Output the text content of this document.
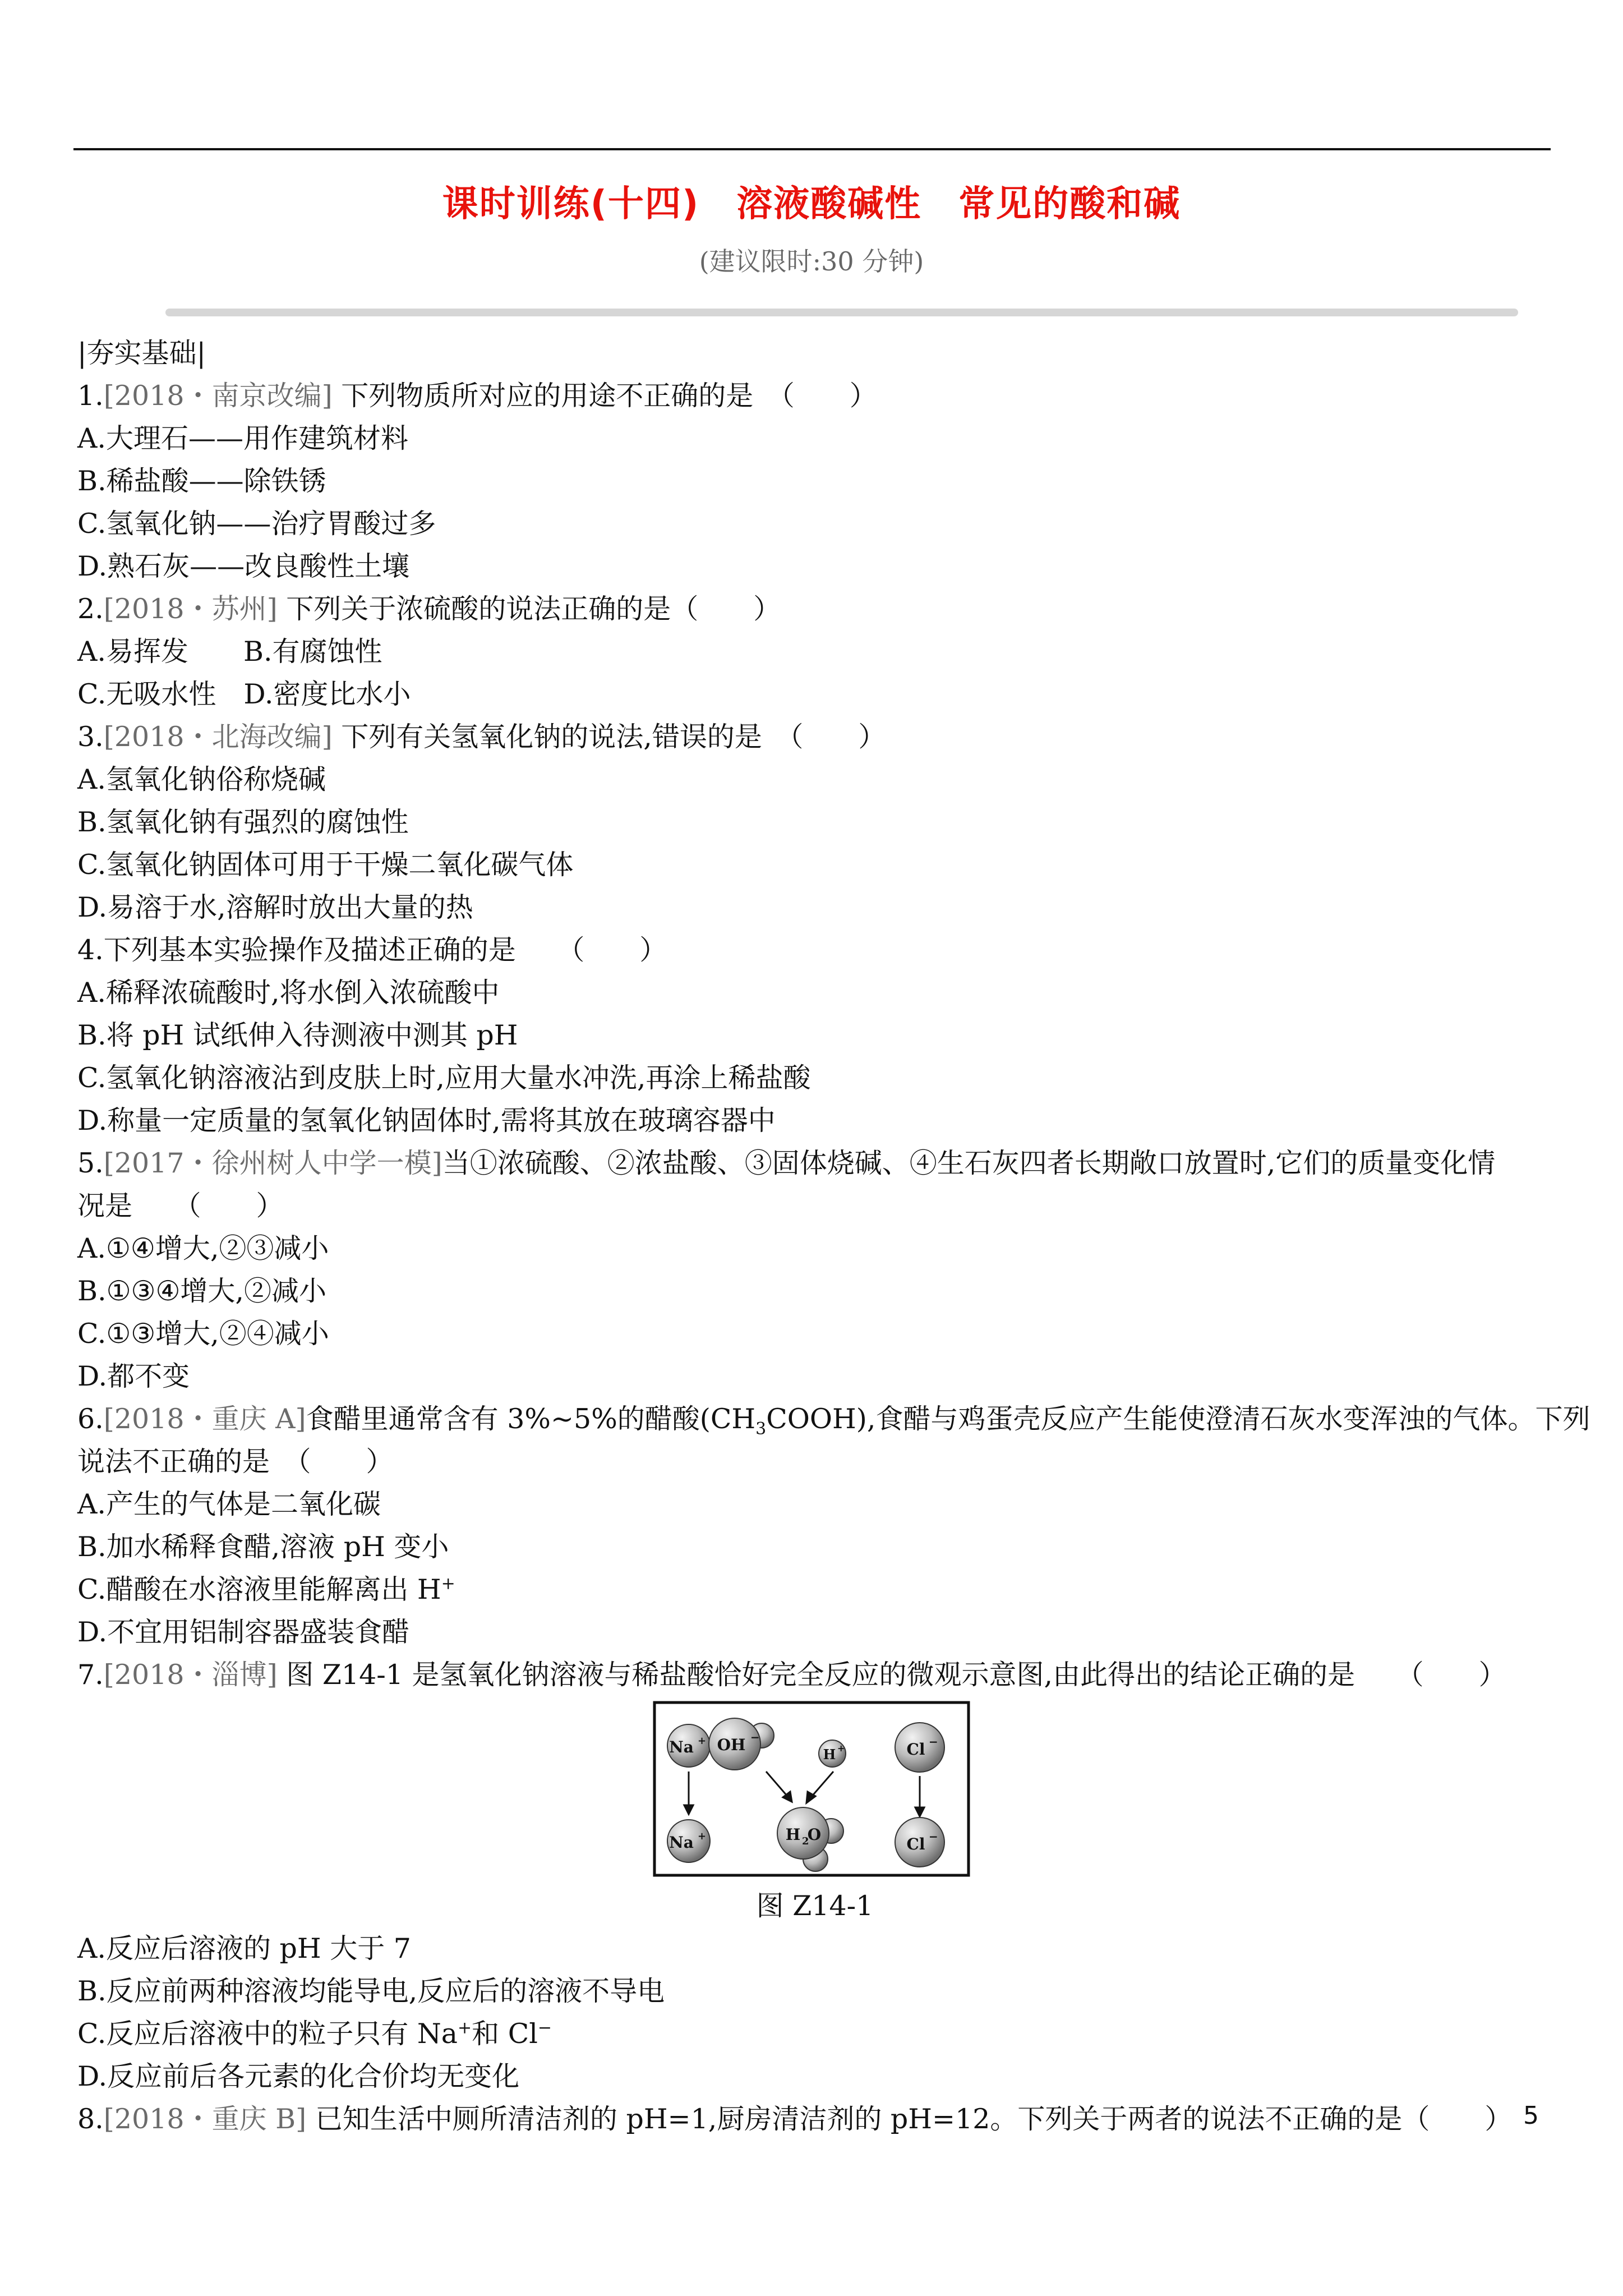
课时训练(十四)　溶液酸碱性　常见的酸和碱
(建议限时:30 分钟)
|夯实基础|
1.[2018・南京改编] 下列物质所对应的用途不正确的是　（　　）
A.大理石——用作建筑材料
B.稀盐酸——除铁锈
C.氢氧化钠——治疗胃酸过多
D.熟石灰——改良酸性土壤
2.[2018・苏州] 下列关于浓硫酸的说法正确的是（　　）
A.易挥发　　B.有腐蚀性
C.无吸水性　D.密度比水小
3.[2018・北海改编] 下列有关氢氧化钠的说法,错误的是　（　　）
A.氢氧化钠俗称烧碱
B.氢氧化钠有强烈的腐蚀性
C.氢氧化钠固体可用于干燥二氧化碳气体
D.易溶于水,溶解时放出大量的热
4.下列基本实验操作及描述正确的是　　（　　）
A.稀释浓硫酸时,将水倒入浓硫酸中
B.将 pH 试纸伸入待测液中测其 pH
C.氢氧化钠溶液沾到皮肤上时,应用大量水冲洗,再涂上稀盐酸
D.称量一定质量的氢氧化钠固体时,需将其放在玻璃容器中
5.[2017・徐州树人中学一模]当①浓硫酸、②浓盐酸、③固体烧碱、④生石灰四者长期敞口放置时,它们的质量变化情
况是　　（　　）
A.①④增大,②③减小
B.①③④增大,②减小
C.①③增大,②④减小
D.都不变
6.[2018・重庆 A]食醋里通常含有 3%~5%的醋酸$(CH_3COOH)$,食醋与鸡蛋壳反应产生能使澄清石灰水变浑浊的气体。下列
说法不正确的是　（　　）
A.产生的气体是二氧化碳
B.加水稀释食醋,溶液 pH 变小
C.醋酸在水溶液里能解离出 H+
D.不宜用铝制容器盛装食醋
7.[2018・淄博] 图 Z14-1 是氢氧化钠溶液与稀盐酸恰好完全反应的微观示意图,由此得出的结论正确的是　　（　　）
Na + OH −
H +	Cl −
Na +	H 2
O
Cl −
图 Z14-1
A.反应后溶液的 pH 大于 7
B.反应前两种溶液均能导电,反应后的溶液不导电
C.反应后溶液中的粒子只有 Na+和 Cl−
D.反应前后各元素的化合价均无变化
8.[2018・重庆 B] 已知生活中厕所清洁剂的 pH=1,厨房清洁剂的 pH=12。下列关于两者的说法不正确的是（　　） 5
